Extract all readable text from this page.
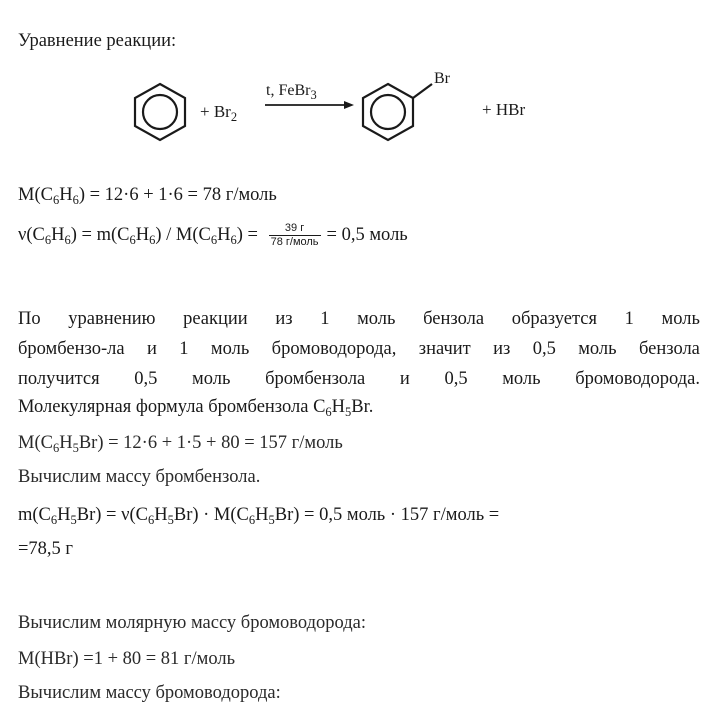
Уравнение реакции:
+ $Br_2$
t, FeBr$_3$
Br
+ HBr
$M(C_6H_6) = 12\cdot 6 + 1\cdot 6 = 78$ г/моль
$\nu(C_6H_6) = m(C_6H_6) / M(C_6H_6) = \frac{39 г}{\text{78 г/моль}} = 0,5$ моль
По уравнению реакции из 1 моль бензола образуется 1 моль
бромбензо-ла и 1 моль бромоводорода, значит из 0,5 моль бензола
получится 0,5 моль бромбензола и 0,5 моль бромоводорода.
Молекулярная формула бромбензола $C_6H_5Br$.
$M(C_6H_5Br) = 12\cdot 6 + 1\cdot 5 + 80 = 157$ г/моль
Вычислим массу бромбензола.
$m(C_6H_5Br) = \nu(C_6H_5Br) \cdot M(C_6H_5Br) = 0,5$ моль · 157 г/моль =
=78,5 г
Вычислим молярную массу бромоводорода:
M(HBr) =1 + 80 = 81 г/моль
Вычислим массу бромоводорода:
